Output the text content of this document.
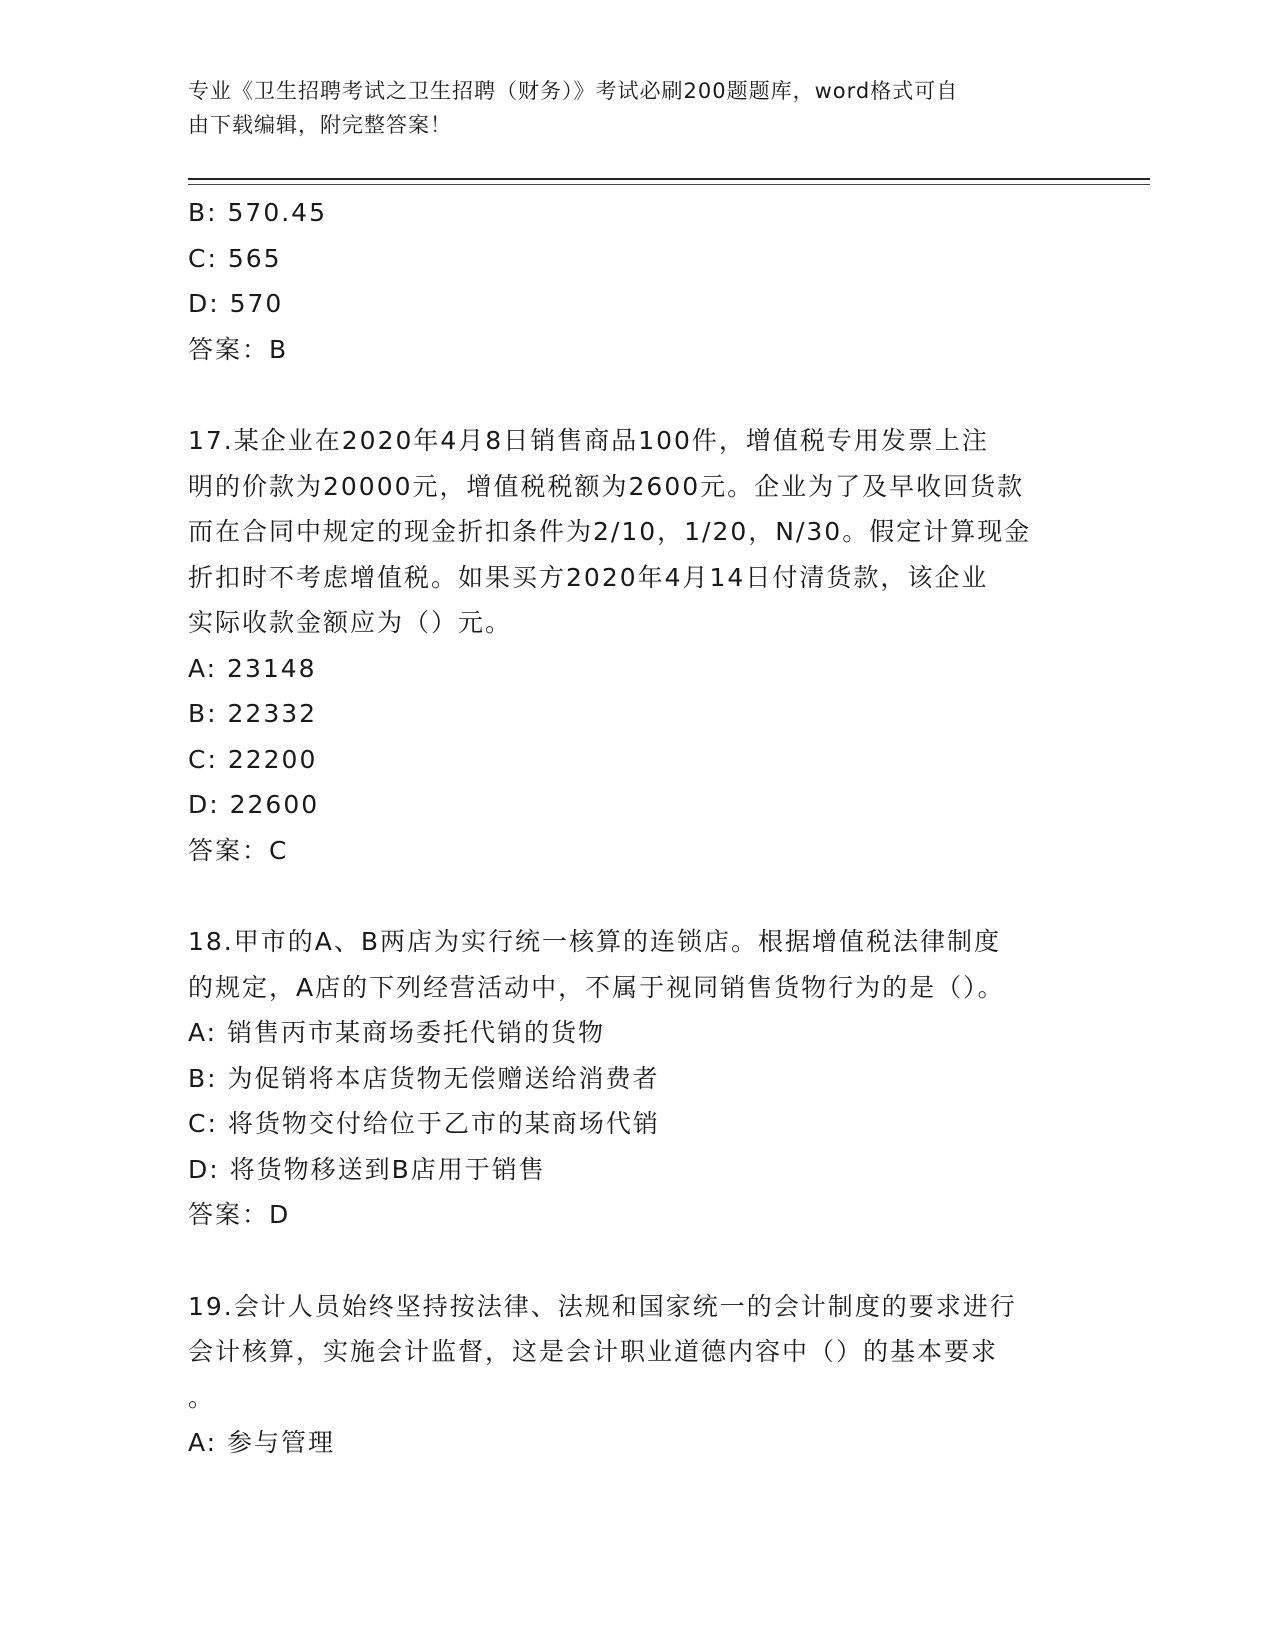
专业《卫生招聘考试之卫生招聘（财务）》考试必刷200题题库，word格式可自
由下载编辑，附完整答案！
B: 570.45
C: 565
D: 570
答案：B
17.某企业在2020年4月8日销售商品100件，增值税专用发票上注
明的价款为20000元，增值税税额为2600元。企业为了及早收回货款
而在合同中规定的现金折扣条件为2/10，1/20，N/30。假定计算现金
折扣时不考虑增值税。如果买方2020年4月14日付清货款，该企业
实际收款金额应为（）元。
A: 23148
B: 22332
C: 22200
D: 22600
答案：C
18.甲市的A、B两店为实行统一核算的连锁店。根据增值税法律制度
的规定，A店的下列经营活动中，不属于视同销售货物行为的是（）。
A: 销售丙市某商场委托代销的货物
B: 为促销将本店货物无偿赠送给消费者
C: 将货物交付给位于乙市的某商场代销
D: 将货物移送到B店用于销售
答案：D
19.会计人员始终坚持按法律、法规和国家统一的会计制度的要求进行
会计核算，实施会计监督，这是会计职业道德内容中（）的基本要求
。
A: 参与管理
